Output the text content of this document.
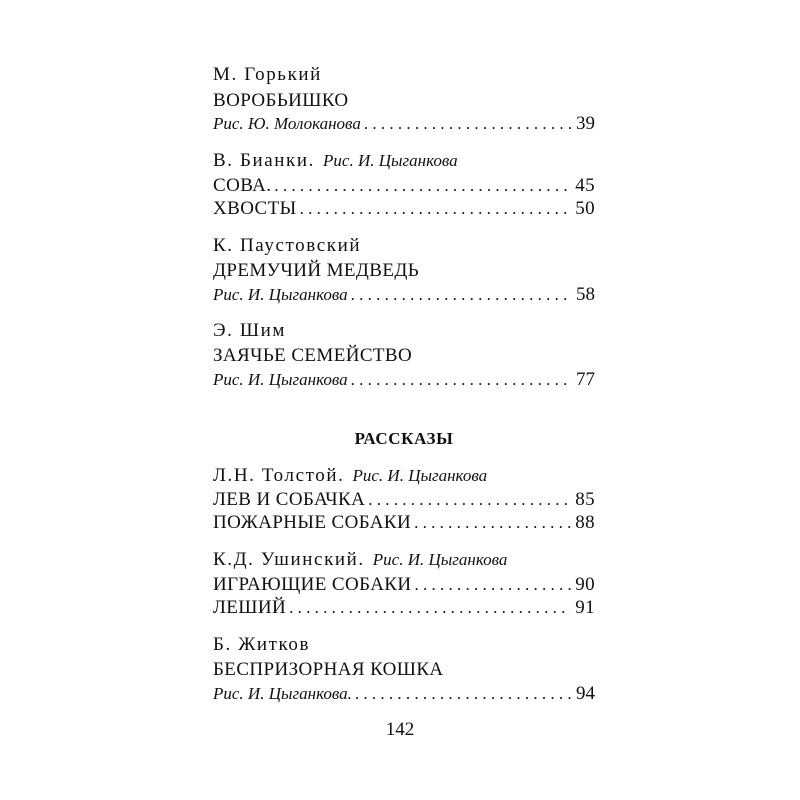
М. Горький
ВОРОБЬИШКО
Рис. Ю. Молоканова . . .	39
В. Бианки. Рис. И. Цыганкова
СОВА. . . .	45
ХВОСТЫ . . .	50
К. Паустовский
ДРЕМУЧИЙ МЕДВЕДЬ
Рис. И. Цыганкова . . .	58
Э. Шим
ЗАЯЧЬЕ СЕМЕЙСТВО
Рис. И. Цыганкова . . .	77
РАССКАЗЫ
Л.Н. Толстой. Рис. И. Цыганкова
ЛЕВ И СОБАЧКА . . .	85
ПОЖАРНЫЕ СОБАКИ . . .	88
К.Д. Ушинский. Рис. И. Цыганкова
ИГРАЮЩИЕ СОБАКИ . . .	90
ЛЕШИЙ . . .	91
Б. Житков
БЕСПРИЗОРНАЯ КОШКА
Рис. И. Цыганкова. . . .	94
142
